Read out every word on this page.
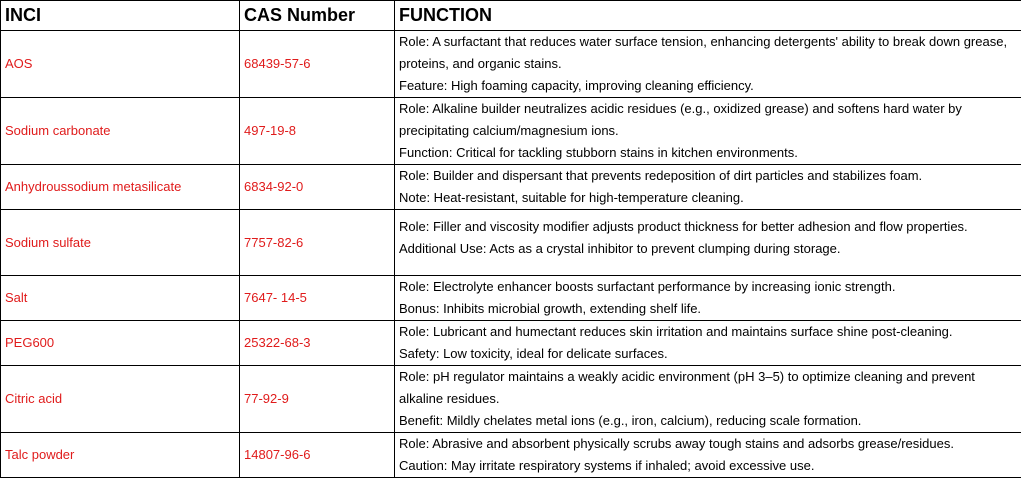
INCI	CAS Number	FUNCTION
AOS	68439-57-6	Role: A surfactant that reduces water surface tension, enhancing detergents' ability to break down grease, proteins, and organic stains.
Feature: High foaming capacity, improving cleaning efficiency.

Sodium carbonate	497-19-8	Role: Alkaline builder neutralizes acidic residues (e.g., oxidized grease) and softens hard water by precipitating calcium/magnesium ions.
Function: Critical for tackling stubborn stains in kitchen environments.

Anhydroussodium metasilicate	6834-92-0	Role: Builder and dispersant that prevents redeposition of dirt particles and stabilizes foam.
Note: Heat-resistant, suitable for high-temperature cleaning.

Sodium sulfate	7757-82-6	Role: Filler and viscosity modifier adjusts product thickness for better adhesion and flow properties.
Additional Use: Acts as a crystal inhibitor to prevent clumping during storage.

Salt	7647- 14-5	Role: Electrolyte enhancer boosts surfactant performance by increasing ionic strength.
Bonus: Inhibits microbial growth, extending shelf life.

PEG600	25322-68-3	Role: Lubricant and humectant reduces skin irritation and maintains surface shine post-cleaning.
Safety: Low toxicity, ideal for delicate surfaces.

Citric acid	77-92-9	Role: pH regulator maintains a weakly acidic environment (pH 3–5) to optimize cleaning and prevent alkaline residues.
Benefit: Mildly chelates metal ions (e.g., iron, calcium), reducing scale formation.

Talc powder	14807-96-6	Role: Abrasive and absorbent physically scrubs away tough stains and adsorbs grease/residues.
Caution: May irritate respiratory systems if inhaled; avoid excessive use.
